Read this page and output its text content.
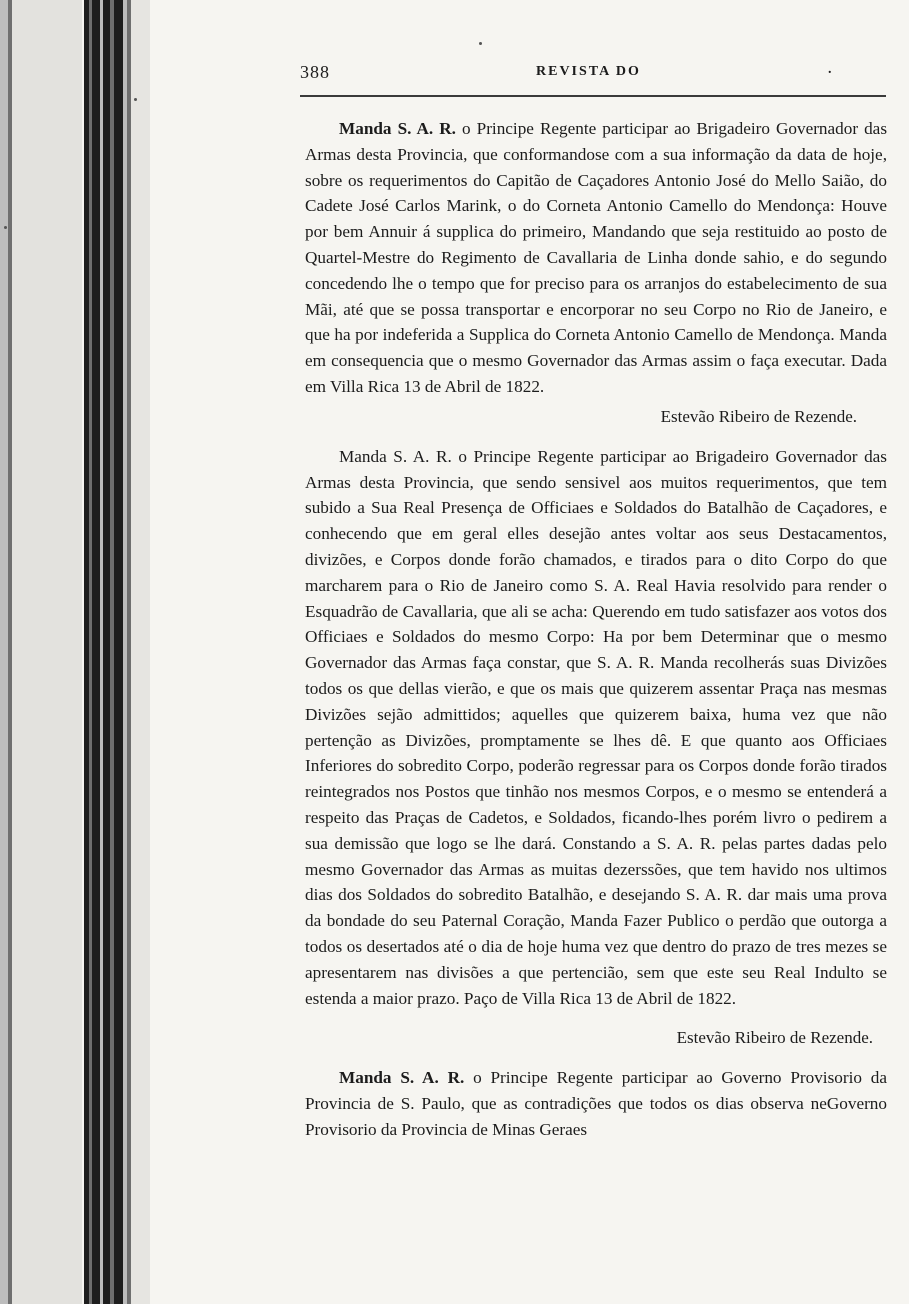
388	REVISTA DO	.

Manda S. A. R. o Principe Regente participar ao Brigadeiro Governador das Armas desta Provincia, que conformandose com a sua informação da data de hoje, sobre os requerimentos do Capitão de Caçadores Antonio José do Mello Saião, do Cadete José Carlos Marink, o do Corneta Antonio Camello do Mendonça: Houve por bem Annuir á supplica do primeiro, Mandando que seja restituido ao posto de Quartel-Mestre do Regimento de Cavallaria de Linha donde sahio, e do segundo concedendo lhe o tempo que for preciso para os arranjos do estabelecimento de sua Mãi, até que se possa transportar e encorporar no seu Corpo no Rio de Janeiro, e que ha por indeferida a Supplica do Corneta Antonio Camello de Mendonça. Manda em consequencia que o mesmo Governador das Armas assim o faça executar. Dada em Villa Rica 13 de Abril de 1822.

Estevão Ribeiro de Rezende.

Manda S. A. R. o Principe Regente participar ao Brigadeiro Governador das Armas desta Provincia, que sendo sensivel aos muitos requerimentos, que tem subido a Sua Real Presença de Officiaes e Soldados do Batalhão de Caçadores, e conhecendo que em geral elles desejão antes voltar aos seus Destacamentos, divizões, e Corpos donde forão chamados, e tirados para o dito Corpo do que marcharem para o Rio de Janeiro como S. A. Real Havia resolvido para render o Esquadrão de Cavallaria, que ali se acha: Querendo em tudo satisfazer aos votos dos Officiaes e Soldados do mesmo Corpo: Ha por bem Determinar que o mesmo Governador das Armas faça constar, que S. A. R. Manda recolherás suas Divizões todos os que dellas vierão, e que os mais que quizerem assentar Praça nas mesmas Divizões sejão admittidos; aquelles que quizerem baixa, huma vez que não pertenção as Divizões, promptamente se lhes dê. E que quanto aos Officiaes Inferiores do sobredito Corpo, poderão regressar para os Corpos donde forão tirados reintegrados nos Postos que tinhão nos mesmos Corpos, e o mesmo se entenderá a respeito das Praças de Cadetos, e Soldados, ficando-lhes porém livro o pedirem a sua demissão que logo se lhe dará. Constando a S. A. R. pelas partes dadas pelo mesmo Governador das Armas as muitas dezerssões, que tem havido nos ultimos dias dos Soldados do sobredito Batalhão, e desejando S. A. R. dar mais uma prova da bondade do seu Paternal Coração, Manda Fazer Publico o perdão que outorga a todos os desertados até o dia de hoje huma vez que dentro do prazo de tres mezes se apresentarem nas divisões a que pertencião, sem que este seu Real Indulto se estenda a maior prazo. Paço de Villa Rica 13 de Abril de 1822.

Estevão Ribeiro de Rezende.

Manda S. A. R. o Principe Regente participar ao Governo Provisorio da Provincia de S. Paulo, que as contradições que todos os dias observa neGoverno Provisorio da Provincia de Minas Geraes
